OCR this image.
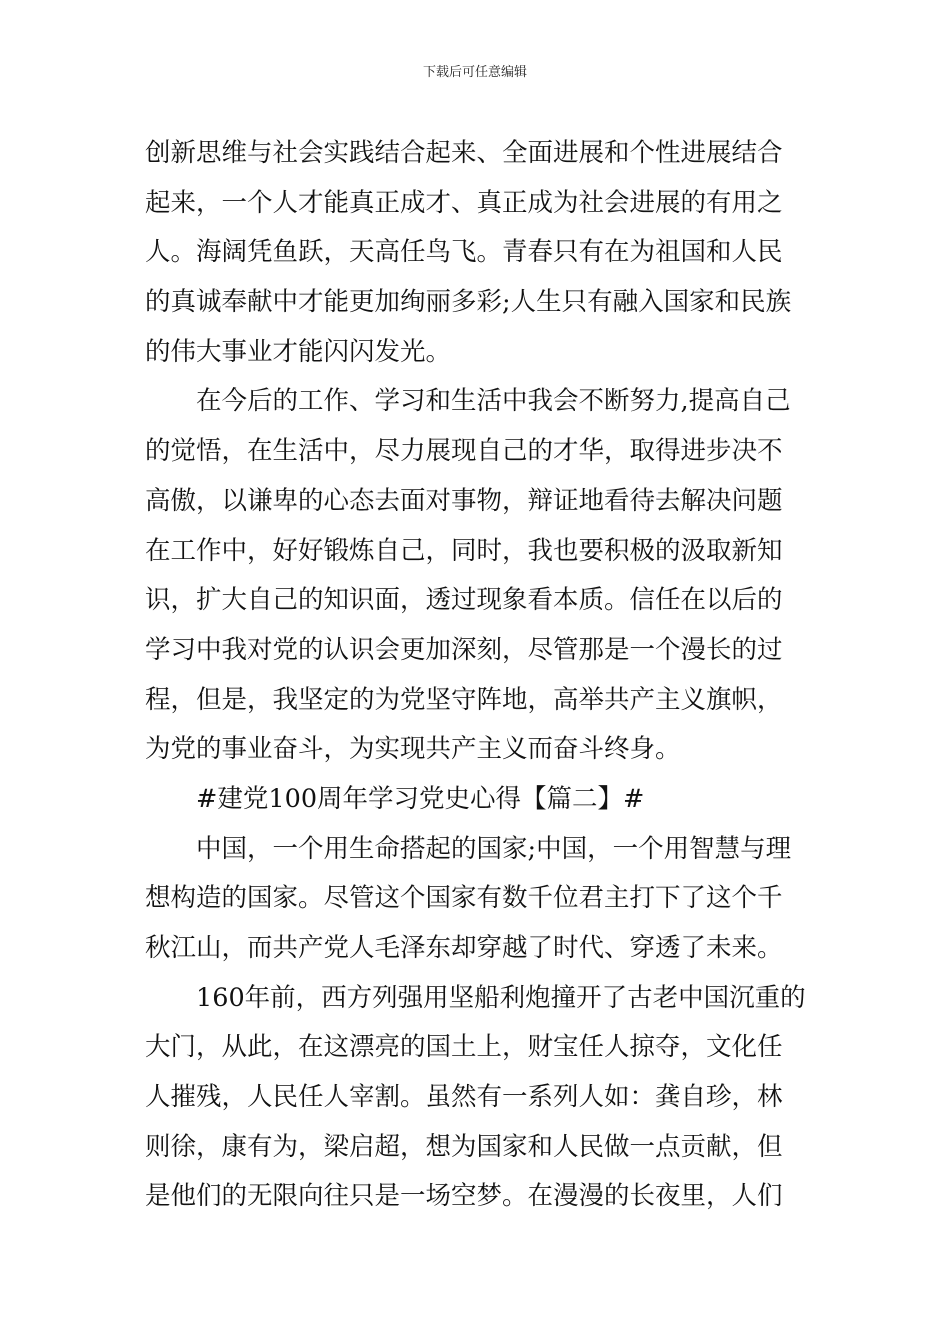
下载后可任意编辑
创新思维与社会实践结合起来、全面进展和个性进展结合
起来，一个人才能真正成才、真正成为社会进展的有用之
人。海阔凭鱼跃，天高任鸟飞。青春只有在为祖国和人民
的真诚奉献中才能更加绚丽多彩;人生只有融入国家和民族
的伟大事业才能闪闪发光。
在今后的工作、学习和生活中我会不断努力,提高自己
的觉悟，在生活中，尽力展现自己的才华，取得进步决不
高傲，以谦卑的心态去面对事物，辩证地看待去解决问题
在工作中，好好锻炼自己，同时，我也要积极的汲取新知
识，扩大自己的知识面，透过现象看本质。信任在以后的
学习中我对党的认识会更加深刻，尽管那是一个漫长的过
程，但是，我坚定的为党坚守阵地，高举共产主义旗帜，
为党的事业奋斗，为实现共产主义而奋斗终身。
#建党100周年学习党史心得【篇二】#
中国，一个用生命搭起的国家;中国，一个用智慧与理
想构造的国家。尽管这个国家有数千位君主打下了这个千
秋江山，而共产党人毛泽东却穿越了时代、穿透了未来。
160年前，西方列强用坚船利炮撞开了古老中国沉重的
大门，从此，在这漂亮的国土上，财宝任人掠夺，文化任
人摧残，人民任人宰割。虽然有一系列人如：龚自珍，林
则徐，康有为，梁启超，想为国家和人民做一点贡献，但
是他们的无限向往只是一场空梦。在漫漫的长夜里，人们
